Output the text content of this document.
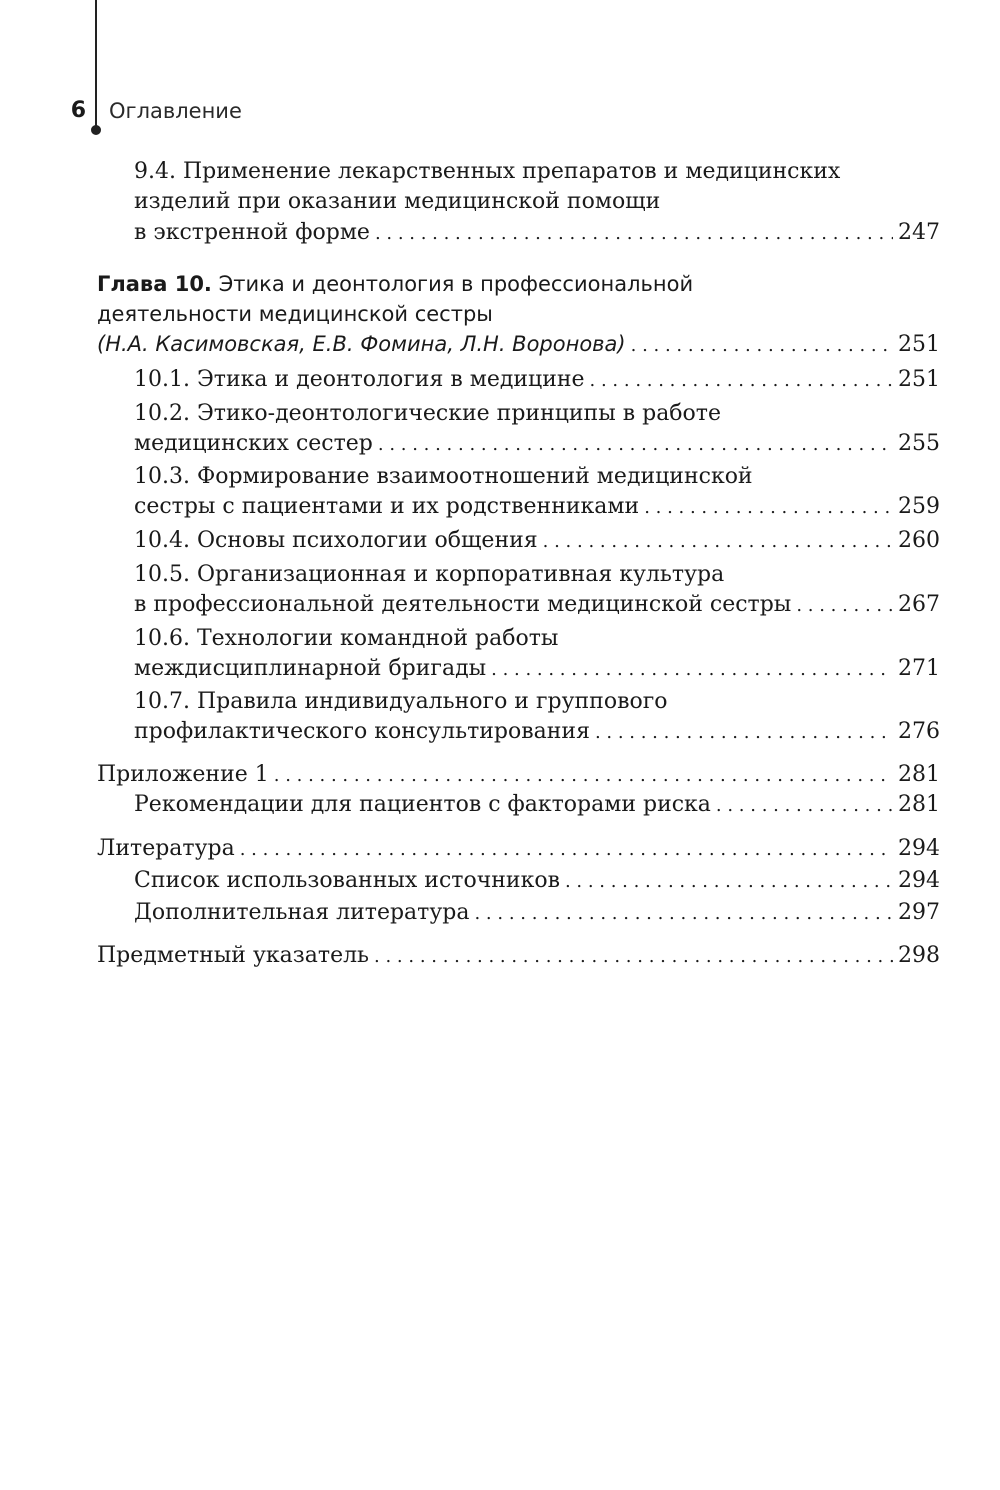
6 Оглавление
9.4. Применение лекарственных препаратов и медицинских
изделий при оказании медицинской помощи
в экстренной форме . . .	247
Глава 10. Этика и деонтология в профессиональной
деятельности медицинской сестры
(Н.А. Касимовская, Е.В. Фомина, Л.Н. Воронова) . . .	251
10.1. Этика и деонтология в медицине . . .	251
10.2. Этико-деонтологические принципы в работе
медицинских сестер . . .	255
10.3. Формирование взаимоотношений медицинской
сестры с пациентами и их родственниками . . .	259
10.4. Основы психологии общения . . .	260
10.5. Организационная и корпоративная культура
в профессиональной деятельности медицинской сестры . . .	267
10.6. Технологии командной работы
междисциплинарной бригады . . .	271
10.7. Правила индивидуального и группового
профилактического консультирования . . .	276
Приложение 1 . . .	281
Рекомендации для пациентов с факторами риска . . .	281
Литература . . .	294
Список использованных источников . . .	294
Дополнительная литература . . .	297
Предметный указатель . . .	298
